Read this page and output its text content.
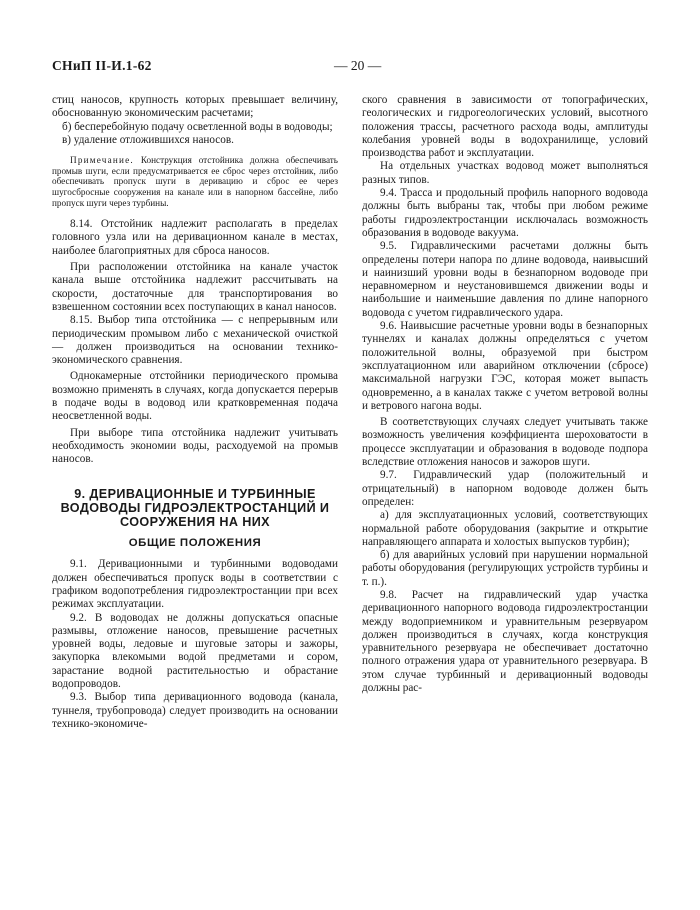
СНиП II-И.1-62	— 20 —

стиц наносов, крупность которых превышает величину, обоснованную экономическим расчетами;

б) бесперебойную подачу осветленной воды в водоводы;

в) удаление отложившихся наносов.

Примечание. Конструкция отстойника должна обеспечивать промыв шуги, если предусматривается ее сброс через отстойник, либо обеспечивать пропуск шуги в деривацию и сброс ее через шугосбросные сооружения на канале или в напорном бассейне, либо пропуск шуги через турбины.

8.14. Отстойник надлежит располагать в пределах головного узла или на деривационном канале в местах, наиболее благоприятных для сброса наносов.

При расположении отстойника на канале участок канала выше отстойника надлежит рассчитывать на скорости, достаточные для транспортирования во взвешенном состоянии всех поступающих в канал наносов.

8.15. Выбор типа отстойника — с непрерывным или периодическим промывом либо с механической очисткой — должен производиться на основании технико-экономического сравнения.

Однокамерные отстойники периодического промыва возможно применять в случаях, когда допускается перерыв в подаче воды в водовод или кратковременная подача неосветленной воды.

При выборе типа отстойника надлежит учитывать необходимость экономии воды, расходуемой на промыв наносов.

9. ДЕРИВАЦИОННЫЕ И ТУРБИННЫЕ ВОДОВОДЫ ГИДРОЭЛЕКТРОСТАНЦИЙ И СООРУЖЕНИЯ НА НИХ
ОБЩИЕ ПОЛОЖЕНИЯ

9.1. Деривационными и турбинными водоводами должен обеспечиваться пропуск воды в соответствии с графиком водопотребления гидроэлектростанции при всех режимах эксплуатации.

9.2. В водоводах не должны допускаться опасные размывы, отложение наносов, превышение расчетных уровней воды, ледовые и шуговые заторы и зажоры, закупорка влекомыми водой предметами и сором, зарастание водной растительностью и обрастание водопроводов.

9.3. Выбор типа деривационного водовода (канала, туннеля, трубопровода) следует производить на основании технико-экономиче-

ского сравнения в зависимости от топографических, геологических и гидрогеологических условий, высотного положения трассы, расчетного расхода воды, амплитуды колебания уровней воды в водохранилище, условий производства работ и эксплуатации.

На отдельных участках водовод может выполняться разных типов.

9.4. Трасса и продольный профиль напорного водовода должны быть выбраны так, чтобы при любом режиме работы гидроэлектростанции исключалась возможность образования в водоводе вакуума.

9.5. Гидравлическими расчетами должны быть определены потери напора по длине водовода, наивысший и наинизший уровни воды в безнапорном водоводе при неравномерном и неустановившемся движении воды и наибольшие и наименьшие давления по длине напорного водовода с учетом гидравлического удара.

9.6. Наивысшие расчетные уровни воды в безнапорных туннелях и каналах должны определяться с учетом положительной волны, образуемой при быстром эксплуатационном или аварийном отключении (сбросе) максимальной нагрузки ГЭС, которая может выпасть одновременно, а в каналах также с учетом ветровой волны и ветрового нагона воды.

В соответствующих случаях следует учитывать также возможность увеличения коэффициента шероховатости в процессе эксплуатации и образования в водоводе подпора вследствие отложения наносов и зажоров шуги.

9.7. Гидравлический удар (положительный и отрицательный) в напорном водоводе должен быть определен:

а) для эксплуатационных условий, соответствующих нормальной работе оборудования (закрытие и открытие направляющего аппарата и холостых выпусков турбин);

б) для аварийных условий при нарушении нормальной работы оборудования (регулирующих устройств турбины и т. п.).

9.8. Расчет на гидравлический удар участка деривационного напорного водовода гидроэлектростанции между водоприемником и уравнительным резервуаром должен производиться в случаях, когда конструкция уравнительного резервуара не обеспечивает достаточно полного отражения удара от уравнительного резервуара. В этом случае турбинный и деривационный водоводы должны рас-
